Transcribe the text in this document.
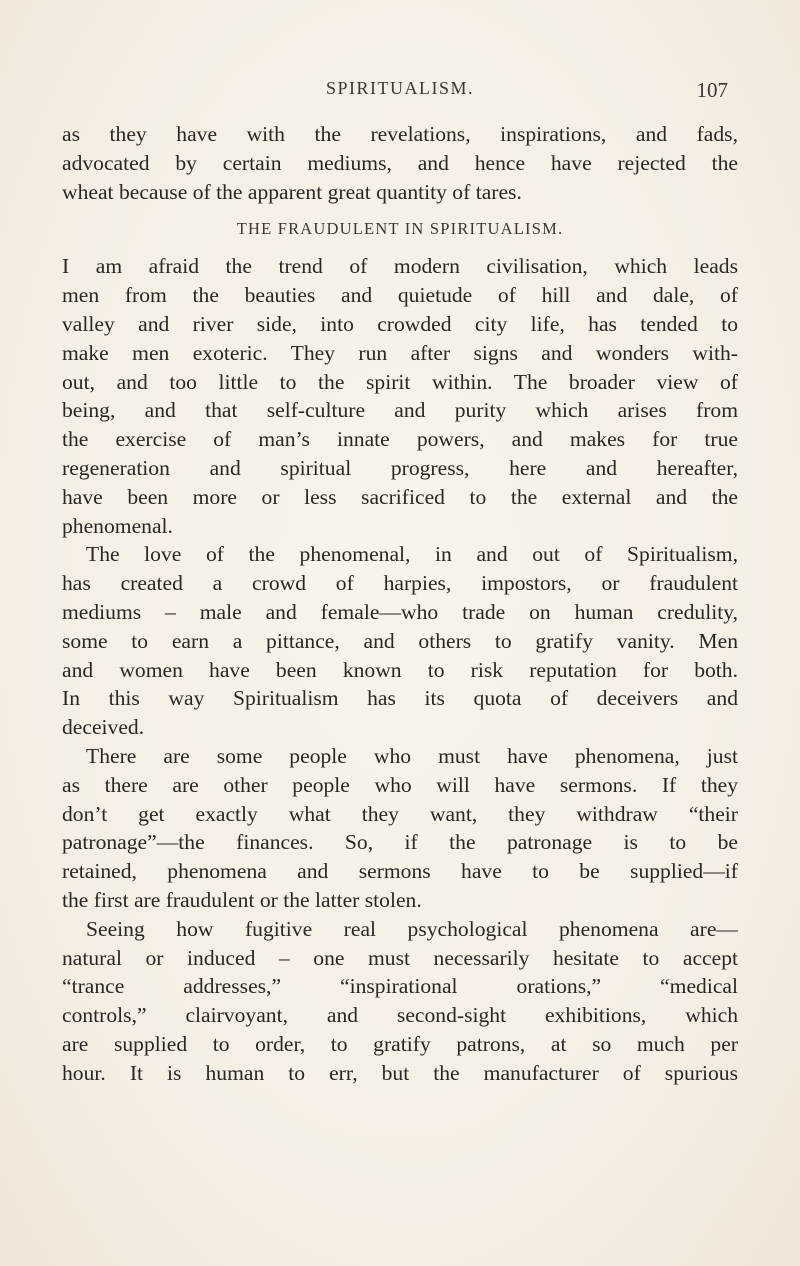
SPIRITUALISM.	107
as they have with the revelations, inspirations, and fads,
advocated by certain mediums, and hence have rejected the
wheat because of the apparent great quantity of tares.
THE FRAUDULENT IN SPIRITUALISM.
I am afraid the trend of modern civilisation, which leads
men from the beauties and quietude of hill and dale, of
valley and river side, into crowded city life, has tended to
make men exoteric. They run after signs and wonders with-
out, and too little to the spirit within. The broader view of
being, and that self-culture and purity which arises from
the exercise of man’s innate powers, and makes for true
regeneration and spiritual progress, here and hereafter,
have been more or less sacrificed to the external and the
phenomenal.
The love of the phenomenal, in and out of Spiritualism,
has created a crowd of harpies, impostors, or fraudulent
mediums – male and female—who trade on human credulity,
some to earn a pittance, and others to gratify vanity. Men
and women have been known to risk reputation for both.
In this way Spiritualism has its quota of deceivers and
deceived.
There are some people who must have phenomena, just
as there are other people who will have sermons. If they
don’t get exactly what they want, they withdraw “their
patronage”—the finances. So, if the patronage is to be
retained, phenomena and sermons have to be supplied—if
the first are fraudulent or the latter stolen.
Seeing how fugitive real psychological phenomena are—
natural or induced – one must necessarily hesitate to accept
“trance addresses,” “inspirational orations,” “medical
controls,” clairvoyant, and second-sight exhibitions, which
are supplied to order, to gratify patrons, at so much per
hour. It is human to err, but the manufacturer of spurious
